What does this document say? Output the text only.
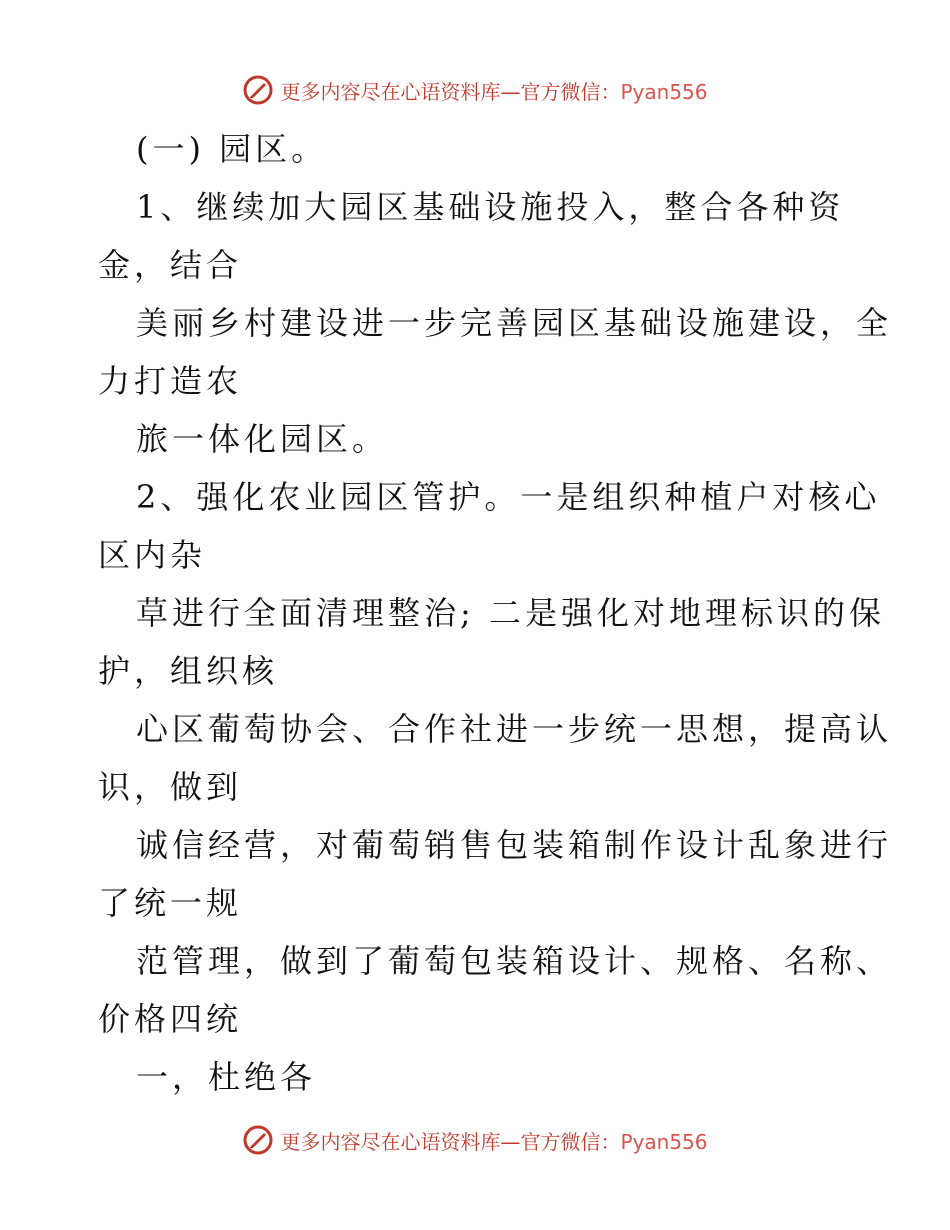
更多内容尽在心语资料库—官方微信：Pyan556
(一) 园区。
1、继续加大园区基础设施投入，整合各种资
金，结合
美丽乡村建设进一步完善园区基础设施建设，全
力打造农
旅一体化园区。
2、强化农业园区管护。一是组织种植户对核心
区内杂
草进行全面清理整治; 二是强化对地理标识的保
护，组织核
心区葡萄协会、合作社进一步统一思想，提高认
识，做到
诚信经营，对葡萄销售包装箱制作设计乱象进行
了统一规
范管理，做到了葡萄包装箱设计、规格、名称、
价格四统
一，杜绝各
更多内容尽在心语资料库—官方微信：Pyan556
